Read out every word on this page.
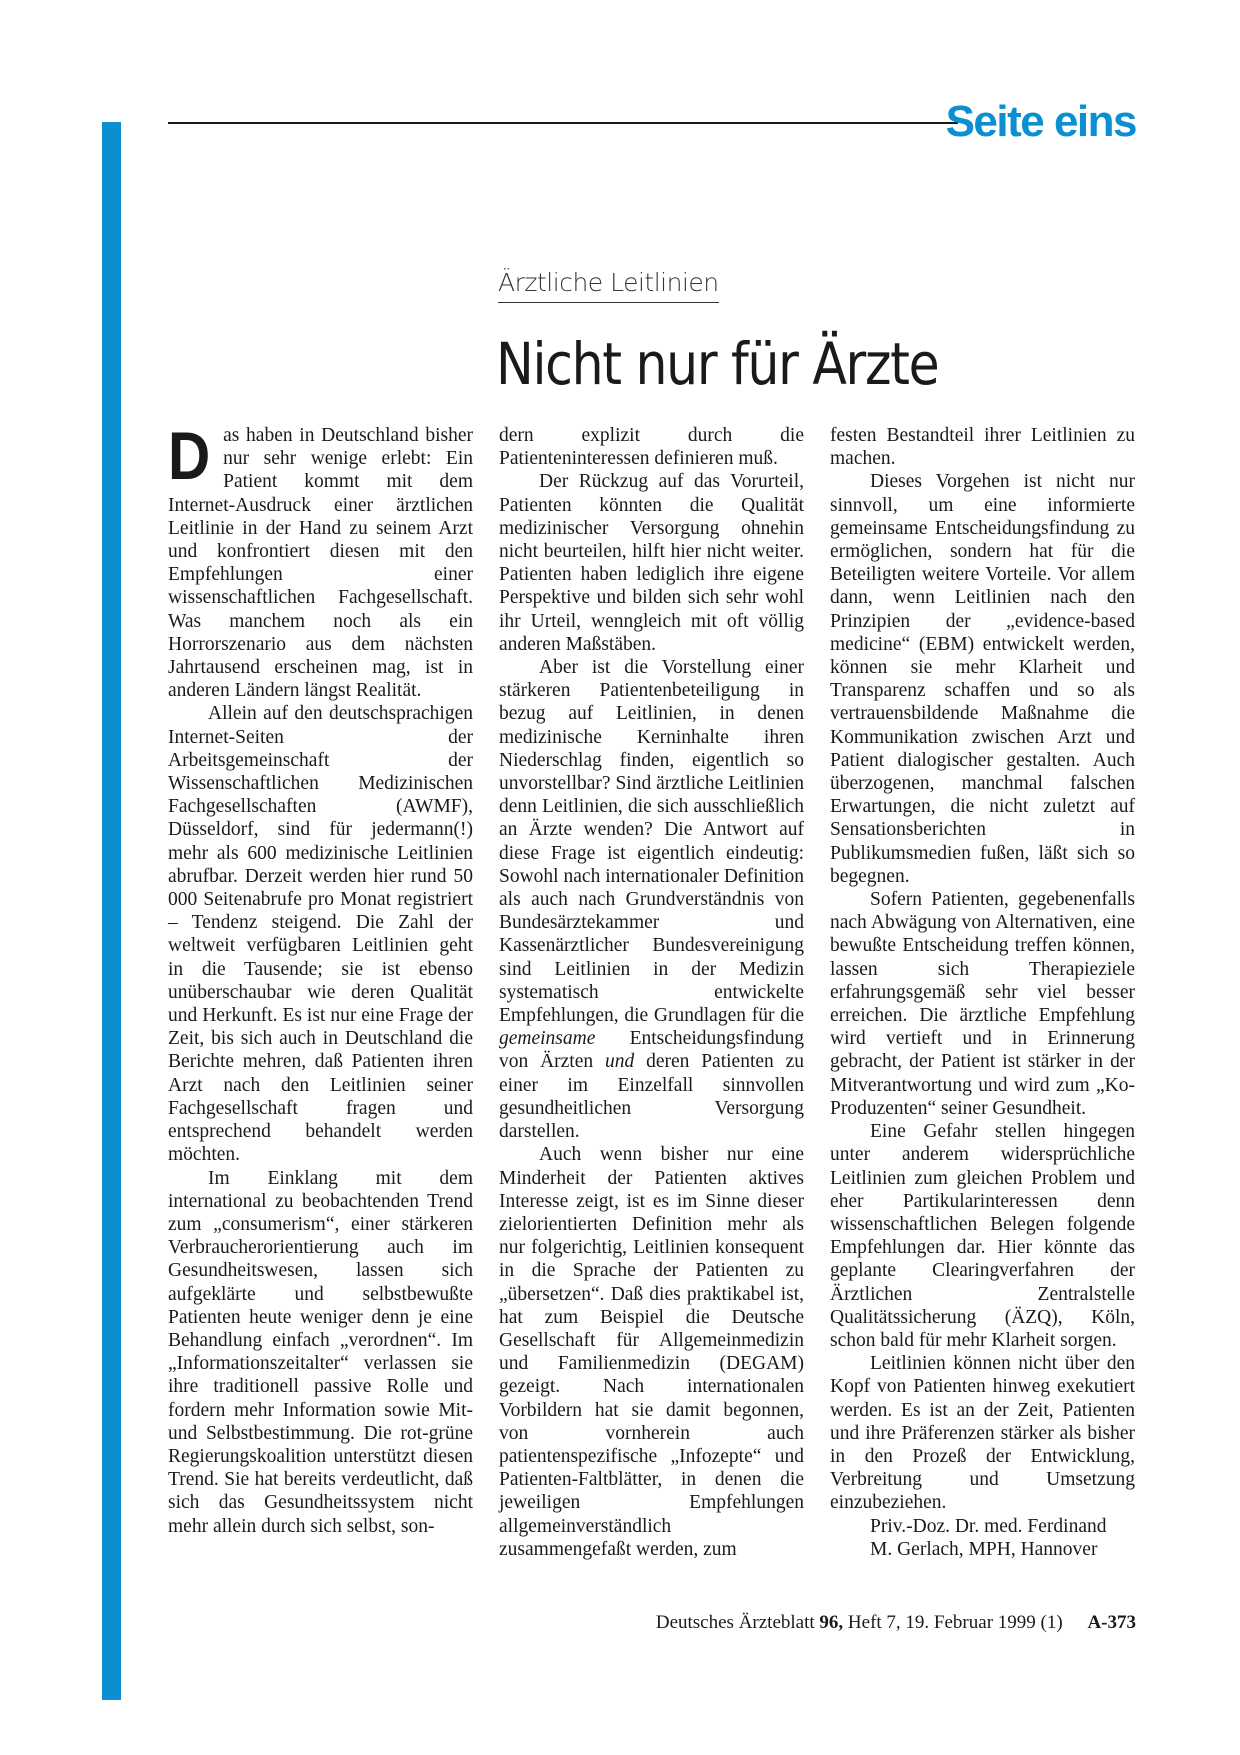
Seite eins
Ärztliche Leitlinien
Nicht nur für Ärzte

Das haben in Deutschland bisher nur sehr wenige erlebt: Ein Patient kommt mit dem Internet-Ausdruck einer ärztlichen Leitlinie in der Hand zu seinem Arzt und konfrontiert diesen mit den Empfehlungen einer wissenschaftlichen Fachgesellschaft. Was manchem noch als ein Horrorszenario aus dem nächsten Jahrtausend erscheinen mag, ist in anderen Ländern längst Realität.

Allein auf den deutschsprachigen Internet-Seiten der Arbeitsgemeinschaft der Wissenschaftlichen Medizinischen Fachgesellschaften (AWMF), Düsseldorf, sind für jedermann(!) mehr als 600 medizinische Leitlinien abrufbar. Derzeit werden hier rund 50 000 Seitenabrufe pro Monat registriert – Tendenz steigend. Die Zahl der weltweit verfügbaren Leitlinien geht in die Tausende; sie ist ebenso unüberschaubar wie deren Qualität und Herkunft. Es ist nur eine Frage der Zeit, bis sich auch in Deutschland die Berichte mehren, daß Patienten ihren Arzt nach den Leitlinien seiner Fachgesellschaft fragen und entsprechend behandelt werden möchten.

Im Einklang mit dem international zu beobachtenden Trend zum „consumerism“, einer stärkeren Verbraucherorientierung auch im Gesundheitswesen, lassen sich aufgeklärte und selbstbewußte Patienten heute weniger denn je eine Behandlung einfach „verordnen“. Im „Informationszeitalter“ verlassen sie ihre traditionell passive Rolle und fordern mehr Information sowie Mit- und Selbstbestimmung. Die rot-grüne Regierungskoalition unterstützt diesen Trend. Sie hat bereits verdeutlicht, daß sich das Gesundheitssystem nicht mehr allein durch sich selbst, son-

dern explizit durch die Patienteninteressen definieren muß.

Der Rückzug auf das Vorurteil, Patienten könnten die Qualität medizinischer Versorgung ohnehin nicht beurteilen, hilft hier nicht weiter. Patienten haben lediglich ihre eigene Perspektive und bilden sich sehr wohl ihr Urteil, wenngleich mit oft völlig anderen Maßstäben.

Aber ist die Vorstellung einer stärkeren Patientenbeteiligung in bezug auf Leitlinien, in denen medizinische Kerninhalte ihren Niederschlag finden, eigentlich so unvorstellbar? Sind ärztliche Leitlinien denn Leitlinien, die sich ausschließlich an Ärzte wenden? Die Antwort auf diese Frage ist eigentlich eindeutig: Sowohl nach internationaler Definition als auch nach Grundverständnis von Bundesärztekammer und Kassenärztlicher Bundesvereinigung sind Leitlinien in der Medizin systematisch entwickelte Empfehlungen, die Grundlagen für die gemeinsame Entscheidungsfindung von Ärzten und deren Patienten zu einer im Einzelfall sinnvollen gesundheitlichen Versorgung darstellen.

Auch wenn bisher nur eine Minderheit der Patienten aktives Interesse zeigt, ist es im Sinne dieser zielorientierten Definition mehr als nur folgerichtig, Leitlinien konsequent in die Sprache der Patienten zu „übersetzen“. Daß dies praktikabel ist, hat zum Beispiel die Deutsche Gesellschaft für Allgemeinmedizin und Familienmedizin (DEGAM) gezeigt. Nach internationalen Vorbildern hat sie damit begonnen, von vornherein auch patientenspezifische „Infozepte“ und Patienten-Faltblätter, in denen die jeweiligen Empfehlungen allgemeinverständlich zusammengefaßt werden, zum

festen Bestandteil ihrer Leitlinien zu machen.

Dieses Vorgehen ist nicht nur sinnvoll, um eine informierte gemeinsame Entscheidungsfindung zu ermöglichen, sondern hat für die Beteiligten weitere Vorteile. Vor allem dann, wenn Leitlinien nach den Prinzipien der „evidence-based medicine“ (EBM) entwickelt werden, können sie mehr Klarheit und Transparenz schaffen und so als vertrauensbildende Maßnahme die Kommunikation zwischen Arzt und Patient dialogischer gestalten. Auch überzogenen, manchmal falschen Erwartungen, die nicht zuletzt auf Sensationsberichten in Publikumsmedien fußen, läßt sich so begegnen.

Sofern Patienten, gegebenenfalls nach Abwägung von Alternativen, eine bewußte Entscheidung treffen können, lassen sich Therapieziele erfahrungsgemäß sehr viel besser erreichen. Die ärztliche Empfehlung wird vertieft und in Erinnerung gebracht, der Patient ist stärker in der Mitverantwortung und wird zum „Ko-Produzenten“ seiner Gesundheit.

Eine Gefahr stellen hingegen unter anderem widersprüchliche Leitlinien zum gleichen Problem und eher Partikularinteressen denn wissenschaftlichen Belegen folgende Empfehlungen dar. Hier könnte das geplante Clearingverfahren der Ärztlichen Zentralstelle Qualitätssicherung (ÄZQ), Köln, schon bald für mehr Klarheit sorgen.

Leitlinien können nicht über den Kopf von Patienten hinweg exekutiert werden. Es ist an der Zeit, Patienten und ihre Präferenzen stärker als bisher in den Prozeß der Entwicklung, Verbreitung und Umsetzung einzubeziehen.

Priv.-Doz. Dr. med. Ferdinand

M. Gerlach, MPH, Hannover

Deutsches Ärzteblatt 96, Heft 7, 19. Februar 1999 (1) A-373
